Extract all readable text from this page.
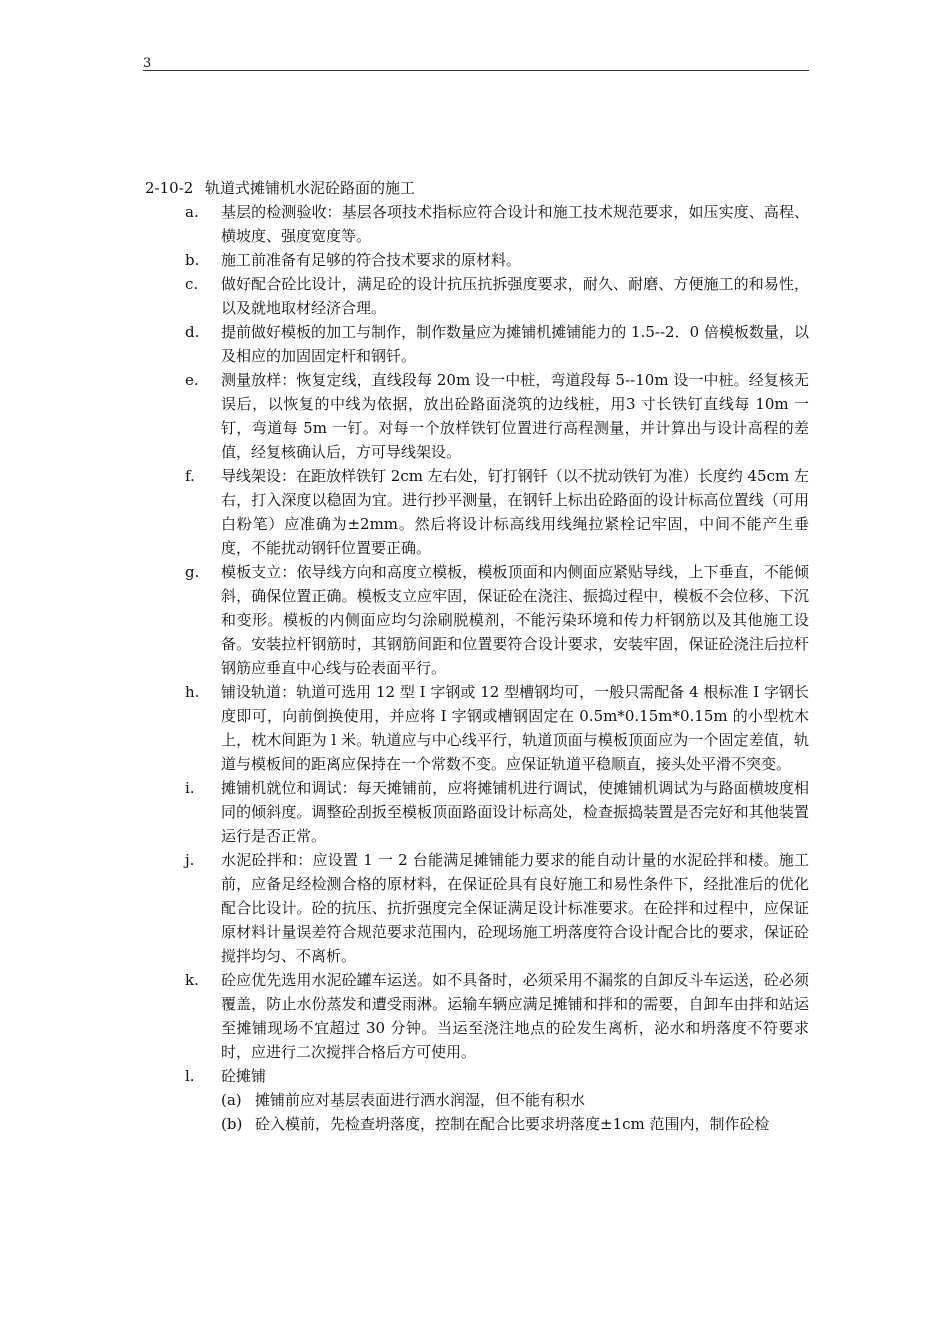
3
2-10-2 轨道式摊铺机水泥砼路面的施工
a.	基层的检测验收：基层各项技术指标应符合设计和施工技术规范要求，如压实度、高程、横坡度、强度宽度等。
b.	施工前准备有足够的符合技术要求的原材料。
c.	做好配合砼比设计，满足砼的设计抗压抗拆强度要求，耐久、耐磨、方便施工的和易性，以及就地取材经济合理。
d.	提前做好模板的加工与制作，制作数量应为摊铺机摊铺能力的 1.5--2．0 倍模板数量，以及相应的加固固定杆和钢钎。
e.	测量放样：恢复定线，直线段每 20m 设一中桩，弯道段每 5--10m 设一中桩。经复核无误后，以恢复的中线为依据，放出砼路面浇筑的边线桩，用3 寸长铁钉直线每 10m 一钉，弯道每 5m 一钉。对每一个放样铁钉位置进行高程测量，并计算出与设计高程的差值，经复核确认后，方可导线架设。
f.	导线架设：在距放样铁钉 2cm 左右处，钉打钢钎（以不扰动铁钉为准）长度约 45cm 左右，打入深度以稳固为宜。进行抄平测量，在钢钎上标出砼路面的设计标高位置线（可用白粉笔）应准确为±2mm。然后将设计标高线用线绳拉紧栓记牢固，中间不能产生垂度，不能扰动钢钎位置要正确。
g.	模板支立：依导线方向和高度立模板，模板顶面和内侧面应紧贴导线，上下垂直，不能倾斜，确保位置正确。模板支立应牢固，保证砼在浇注、振捣过程中，模板不会位移、下沉和变形。模板的内侧面应均匀涂刷脱模剂，不能污染环境和传力杆钢筋以及其他施工设备。安装拉杆钢筋时，其钢筋间距和位置要符合设计要求，安装牢固，保证砼浇注后拉杆钢筋应垂直中心线与砼表面平行。
h.	铺设轨道：轨道可选用 12 型 I 字钢或 12 型槽钢均可，一般只需配备 4 根标准 I 字钢长度即可，向前倒换使用，并应将 I 字钢或槽钢固定在 0.5m*0.15m*0.15m 的小型枕木上，枕木间距为 l 米。轨道应与中心线平行，轨道顶面与模板顶面应为一个固定差值，轨道与模板间的距离应保持在一个常数不变。应保证轨道平稳顺直，接头处平滑不突变。
i.	摊铺机就位和调试：每天摊铺前，应将摊铺机进行调试，使摊铺机调试为与路面横坡度相同的倾斜度。调整砼刮扳至模板顶面路面设计标高处，检查振捣装置是否完好和其他装置运行是否正常。
j.	水泥砼拌和：应设置 1 一 2 台能满足摊铺能力要求的能自动计量的水泥砼拌和楼。施工前，应备足经检测合格的原材料，在保证砼具有良好施工和易性条件下，经批准后的优化配合比设计。砼的抗压、抗折强度完全保证满足设计标准要求。在砼拌和过程中，应保证原材料计量误差符合规范要求范围内，砼现场施工坍落度符合设计配合比的要求，保证砼搅拌均匀、不离析。
k.	砼应优先选用水泥砼罐车运送。如不具备时，必须采用不漏浆的自卸反斗车运送，砼必须覆盖，防止水份蒸发和遭受雨淋。运输车辆应满足摊铺和拌和的需要，自卸车由拌和站运至摊铺现场不宜超过 30 分钟。当运至浇注地点的砼发生离析，泌水和坍落度不符要求时，应进行二次搅拌合格后方可使用。
l.	砼摊铺
(a) 摊铺前应对基层表面进行洒水润湿，但不能有积水
(b) 砼入模前，先检查坍落度，控制在配合比要求坍落度±1cm 范围内，制作砼检
